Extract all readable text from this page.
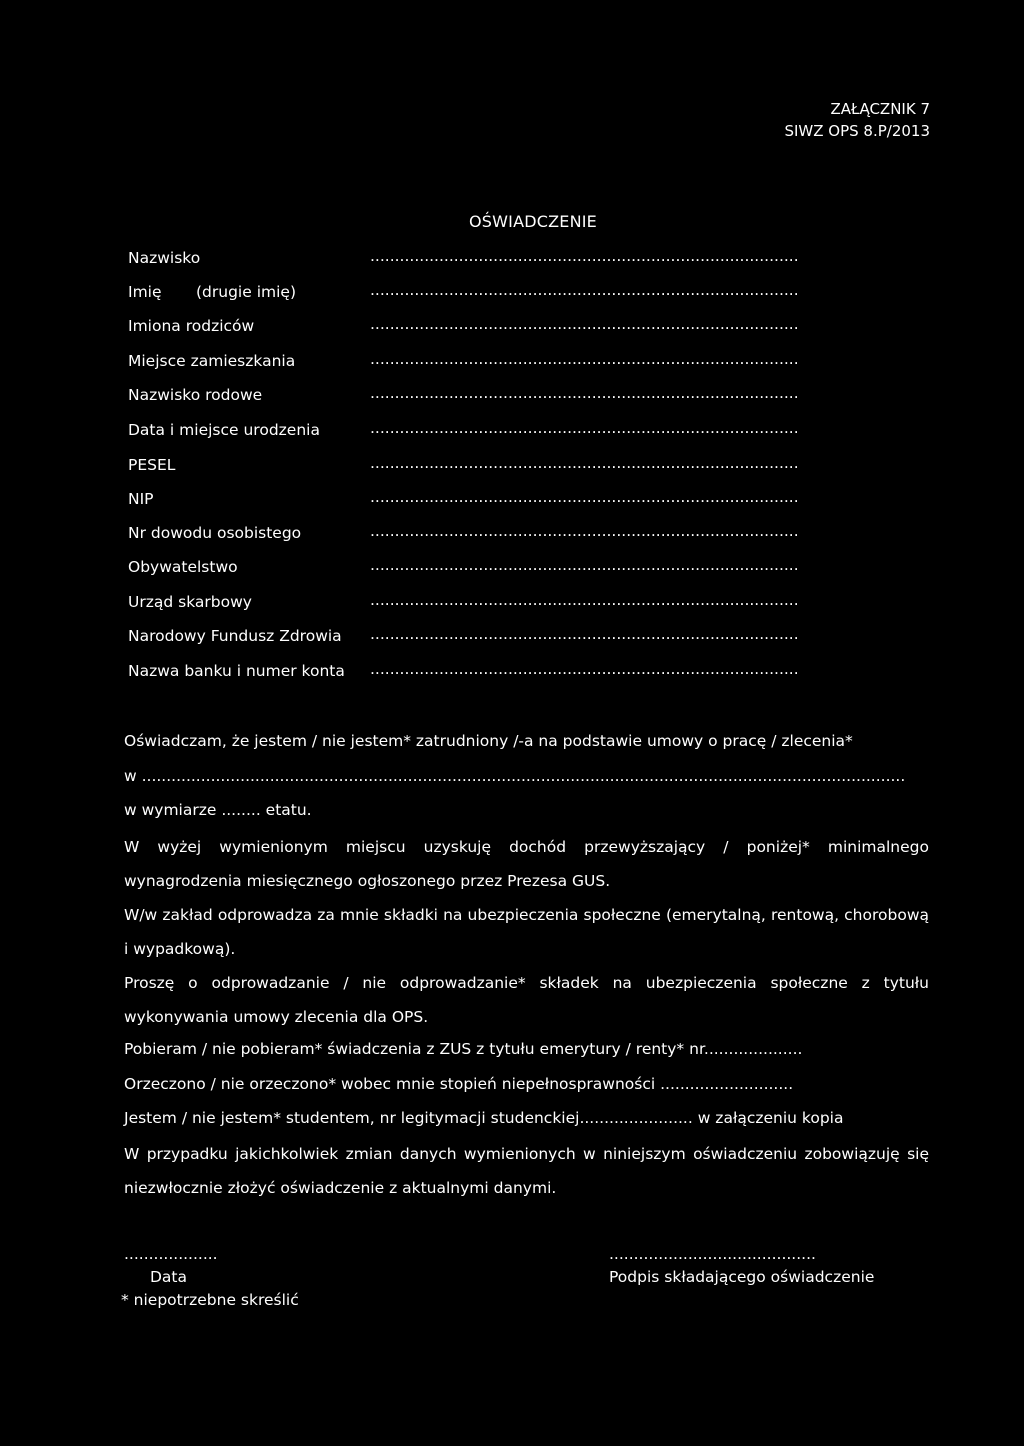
ZAŁĄCZNIK 7
SIWZ OPS 8.P/2013
OŚWIADCZENIE
Nazwisko	.......................................................................................
Imię       (drugie imię)	.......................................................................................
Imiona rodziców	.......................................................................................
Miejsce zamieszkania	.......................................................................................
Nazwisko rodowe	.......................................................................................
Data i miejsce urodzenia	.......................................................................................
PESEL	.......................................................................................
NIP	.......................................................................................
Nr dowodu osobistego	.......................................................................................
Obywatelstwo	.......................................................................................
Urząd skarbowy	.......................................................................................
Narodowy Fundusz Zdrowia .......................................................................................
Nazwa banku i numer konta .......................................................................................
Oświadczam, że jestem / nie jestem* zatrudniony /-a na podstawie umowy o pracę / zlecenia*
w ...........................................................................................................................................................
w wymiarze ........ etatu.
W wyżej wymienionym miejscu uzyskuję dochód przewyższający / poniżej* minimalnego wynagrodzenia miesięcznego ogłoszonego przez Prezesa GUS.
W/w zakład odprowadza za mnie składki na ubezpieczenia społeczne (emerytalną, rentową, chorobową i wypadkową).
Proszę o odprowadzanie / nie odprowadzanie* składek na ubezpieczenia społeczne z tytułu wykonywania umowy zlecenia dla OPS.
Pobieram / nie pobieram* świadczenia z ZUS z tytułu emerytury / renty* nr....................
Orzeczono / nie orzeczono* wobec mnie stopień niepełnosprawności ...........................
Jestem / nie jestem* studentem, nr legitymacji studenckiej....................... w załączeniu kopia
W przypadku jakichkolwiek zmian danych wymienionych w niniejszym oświadczeniu zobowiązuję się niezwłocznie złożyć oświadczenie z aktualnymi danymi.
...................	..........................................
Data	Podpis składającego oświadczenie
* niepotrzebne skreślić
